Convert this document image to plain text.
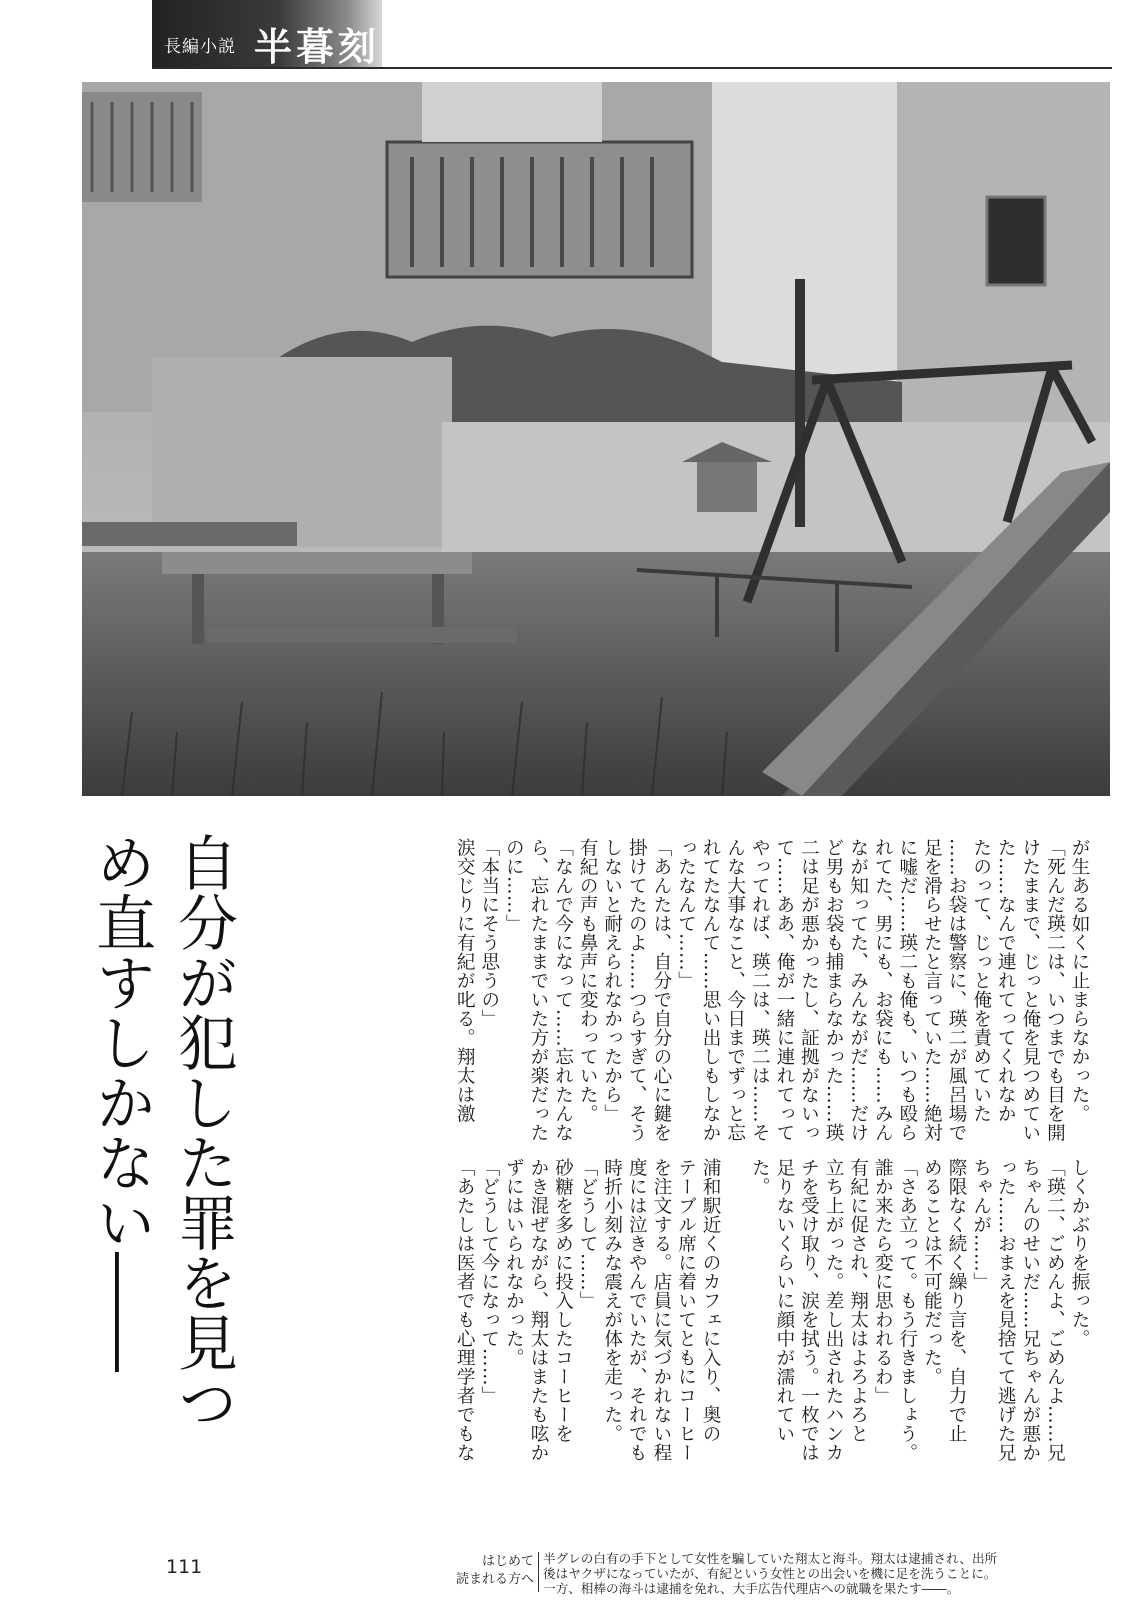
長編小説 半暮刻
自分が犯した罪を見つめ直すしかない――	が生ある如くに止まらなかった。
「死んだ瑛二は、いつまでも目を開
けたままで、じっと俺を見つめてい
た……なんで連れてってくれなか
たのって、じっと俺を責めていた
……お袋は警察に、瑛二が風呂場で
足を滑らせたと言っていた……絶対
に嘘だ……瑛二も俺も、いつも殴ら
れてた、男にも、お袋にも……みん
なが知ってた、みんながだ……だけ
ど男もお袋も捕まらなかった……瑛
二は足が悪かったし、証拠がないっ
て……ああ、俺が一緒に連れてって
やってれば、瑛二は、瑛二は……そ
んな大事なこと、今日までずっと忘
れてたなんて……思い出しもしなか
ったなんて……」
「あんたは、自分で自分の心に鍵を
掛けてたのよ……つらすぎて、そう
しないと耐えられなかったから」
有紀の声も鼻声に変わっていた。
「なんで今になって……忘れたんな
ら、忘れたままでいた方が楽だった
のに……」
「本当にそう思うの」
涙交じりに有紀が叱る。翔太は激
しくかぶりを振った。
「瑛二、ごめんよ、ごめんよ……兄
ちゃんのせいだ……兄ちゃんが悪か
った……おまえを見捨てて逃げた兄
ちゃんが……」
際限なく続く繰り言を、自力で止
めることは不可能だった。
「さあ立って。もう行きましょう。
誰か来たら変に思われるわ」
有紀に促され、翔太はよろよろと
立ち上がった。差し出されたハンカ
チを受け取り、涙を拭う。一枚では
足りないくらいに顔中が濡れてい
た。

浦和駅近くのカフェに入り、奥の
テーブル席に着いてともにコーヒー
を注文する。店員に気づかれない程
度には泣きやんでいたが、それでも
時折小刻みな震えが体を走った。
「どうして……」
砂糖を多めに投入したコーヒーを
かき混ぜながら、翔太はまたも呟か
ずにはいられなかった。
「どうして今になって……」
「あたしは医者でも心理学者でもな
111	はじめて
読まれる方へ
半グレの白有の手下として女性を騙していた翔太と海斗。翔太は逮捕され、出所
後はヤクザになっていたが、有紀という女性との出会いを機に足を洗うことに。
一方、相棒の海斗は逮捕を免れ、大手広告代理店への就職を果たす――。
